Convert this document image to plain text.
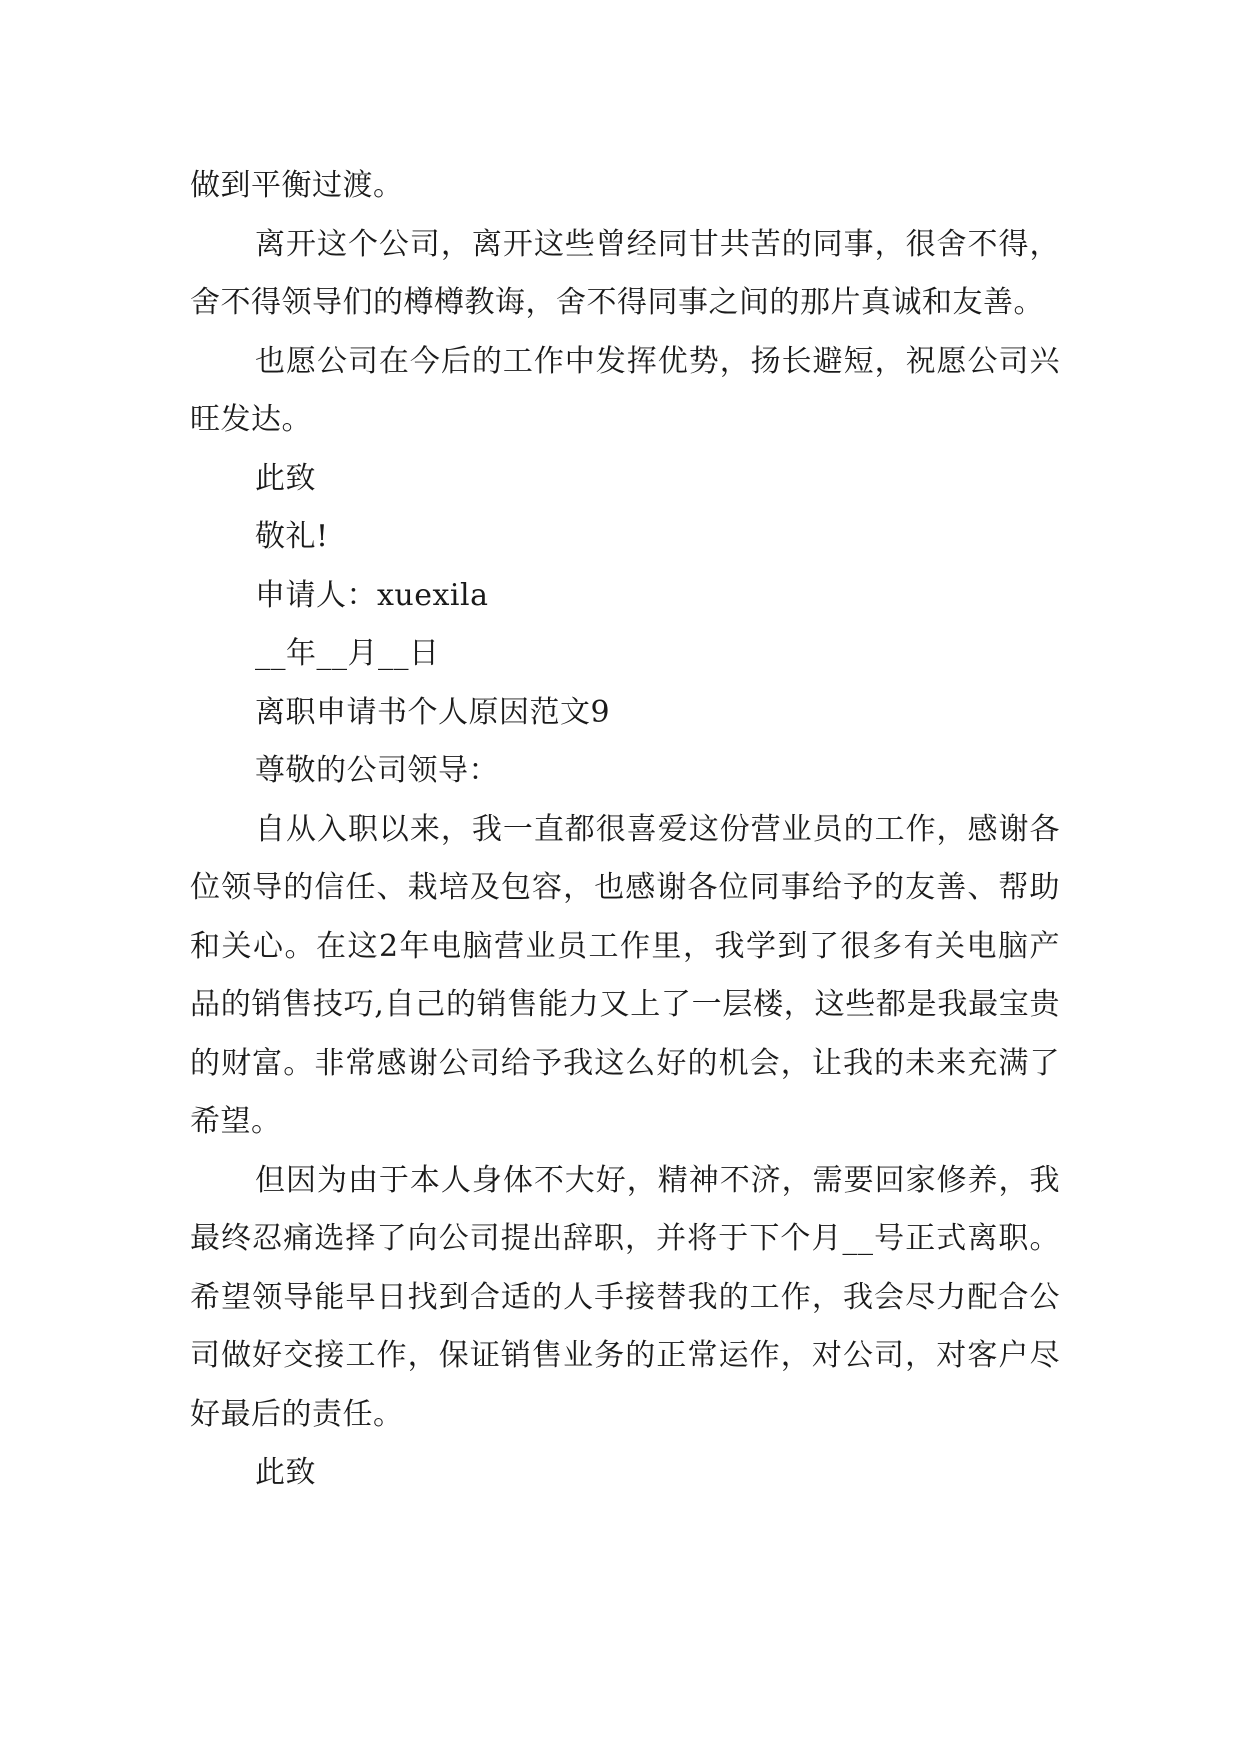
做到平衡过渡。

离开这个公司，离开这些曾经同甘共苦的同事，很舍不得，舍不得领导们的樽樽教诲，舍不得同事之间的那片真诚和友善。

也愿公司在今后的工作中发挥优势，扬长避短，祝愿公司兴旺发达。

此致

敬礼!

申请人：xuexila

__年__月__日

离职申请书个人原因范文9

尊敬的公司领导：

自从入职以来，我一直都很喜爱这份营业员的工作，感谢各位领导的信任、栽培及包容，也感谢各位同事给予的友善、帮助和关心。在这2年电脑营业员工作里，我学到了很多有关电脑产品的销售技巧,自己的销售能力又上了一层楼，这些都是我最宝贵的财富。非常感谢公司给予我这么好的机会，让我的未来充满了希望。

但因为由于本人身体不大好，精神不济，需要回家修养，我最终忍痛选择了向公司提出辞职，并将于下个月__号正式离职。希望领导能早日找到合适的人手接替我的工作，我会尽力配合公司做好交接工作，保证销售业务的正常运作，对公司，对客户尽好最后的责任。

此致
